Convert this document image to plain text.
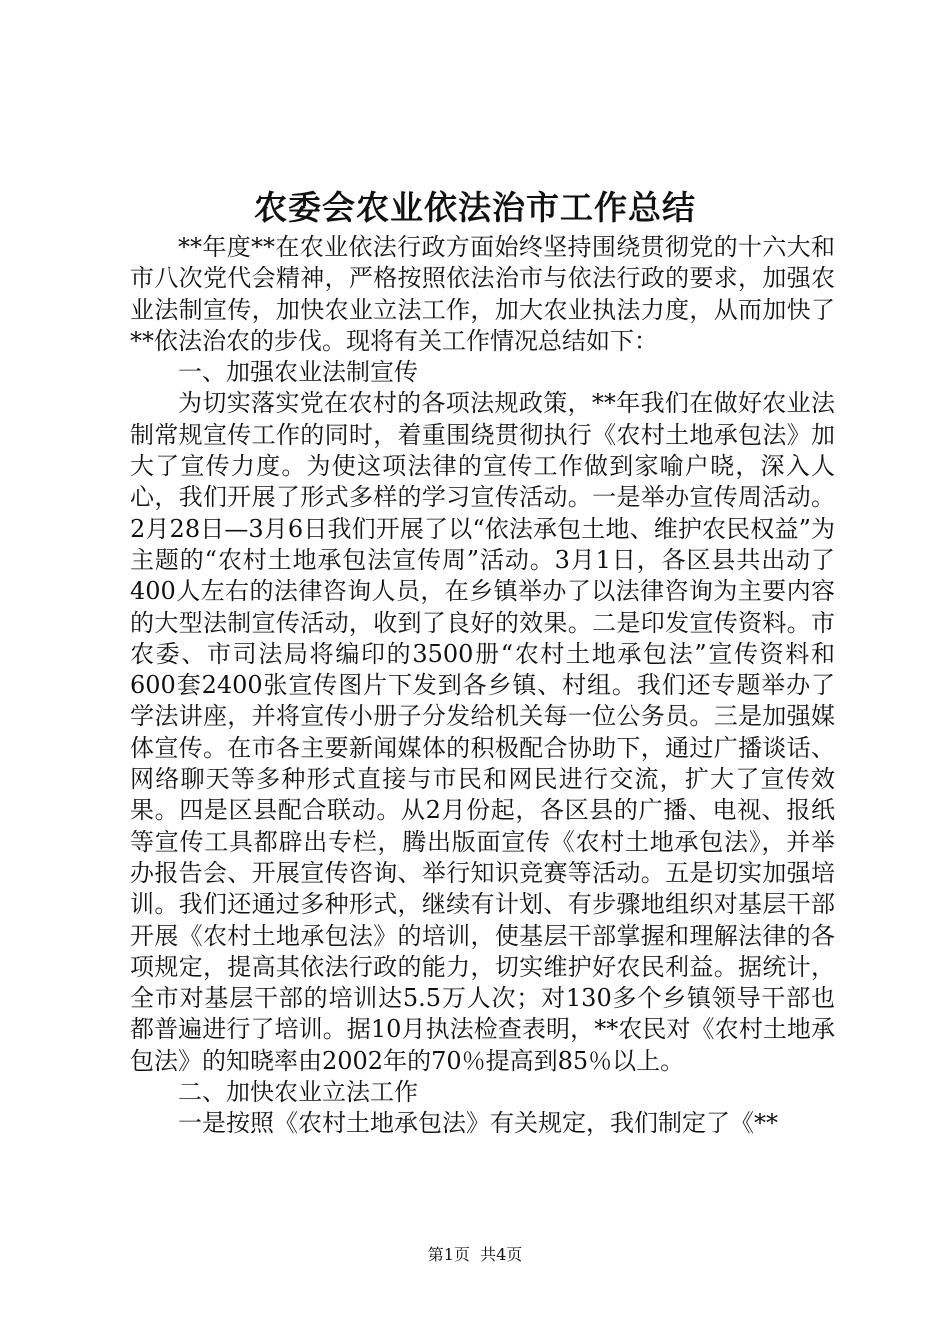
农委会农业依法治市工作总结

**年度**在农业依法行政方面始终坚持围绕贯彻党的十六大和市八次党代会精神，严格按照依法治市与依法行政的要求，加强农业法制宣传，加快农业立法工作，加大农业执法力度，从而加快了**依法治农的步伐。现将有关工作情况总结如下：

一、加强农业法制宣传

为切实落实党在农村的各项法规政策，**年我们在做好农业法制常规宣传工作的同时，着重围绕贯彻执行《农村土地承包法》加大了宣传力度。为使这项法律的宣传工作做到家喻户晓，深入人心，我们开展了形式多样的学习宣传活动。一是举办宣传周活动。2月28日—3月6日我们开展了以“依法承包土地、维护农民权益”为主题的“农村土地承包法宣传周”活动。3月1日，各区县共出动了400人左右的法律咨询人员，在乡镇举办了以法律咨询为主要内容的大型法制宣传活动，收到了良好的效果。二是印发宣传资料。市农委、市司法局将编印的3500册“农村土地承包法”宣传资料和600套2400张宣传图片下发到各乡镇、村组。我们还专题举办了学法讲座，并将宣传小册子分发给机关每一位公务员。三是加强媒体宣传。在市各主要新闻媒体的积极配合协助下，通过广播谈话、网络聊天等多种形式直接与市民和网民进行交流，扩大了宣传效果。四是区县配合联动。从2月份起，各区县的广播、电视、报纸等宣传工具都辟出专栏，腾出版面宣传《农村土地承包法》，并举办报告会、开展宣传咨询、举行知识竞赛等活动。五是切实加强培训。我们还通过多种形式，继续有计划、有步骤地组织对基层干部开展《农村土地承包法》的培训，使基层干部掌握和理解法律的各项规定，提高其依法行政的能力，切实维护好农民利益。据统计，全市对基层干部的培训达5.5万人次；对130多个乡镇领导干部也都普遍进行了培训。据10月执法检查表明，**农民对《农村土地承包法》的知晓率由2002年的70％提高到85％以上。

二、加快农业立法工作

一是按照《农村土地承包法》有关规定，我们制定了《**

第1页 共4页
